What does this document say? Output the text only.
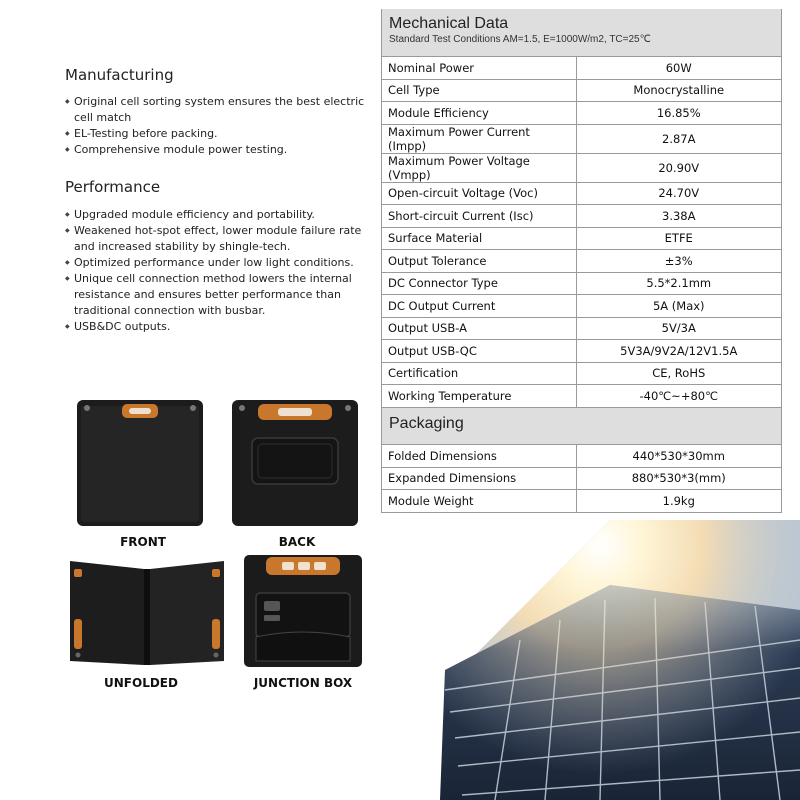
Manufacturing
◆ Original cell sorting system ensures the best electric cell match
◆ EL-Testing before packing.
◆ Comprehensive module power testing.
Performance
◆ Upgraded module efficiency and portability.
◆ Weakened hot-spot effect, lower module failure rate and increased stability by shingle-tech.
◆ Optimized performance under low light conditions.
◆ Unique cell connection method lowers the internal resistance and ensures better performance than traditional connection with busbar.
◆ USB&DC outputs.
FRONT	BACK
UNFOLDED	JUNCTION BOX
Mechanical Data
Standard Test Conditions AM=1.5, E=1000W/m2, TC=25℃
Nominal Power	60W
Cell Type	Monocrystalline
Module Efficiency	16.85%
Maximum Power Current (Impp)	2.87A
Maximum Power Voltage (Vmpp)	20.90V
Open-circuit Voltage (Voc)	24.70V
Short-circuit Current (Isc)	3.38A
Surface Material	ETFE
Output Tolerance	±3%
DC Connector Type	5.5*2.1mm
DC Output Current	5A (Max)
Output USB-A	5V/3A
Output USB-QC	5V3A/9V2A/12V1.5A
Certification	CE, RoHS
Working Temperature	-40℃~+80℃
Packaging
Folded Dimensions	440*530*30mm
Expanded Dimensions	880*530*3(mm)
Module Weight	1.9kg
